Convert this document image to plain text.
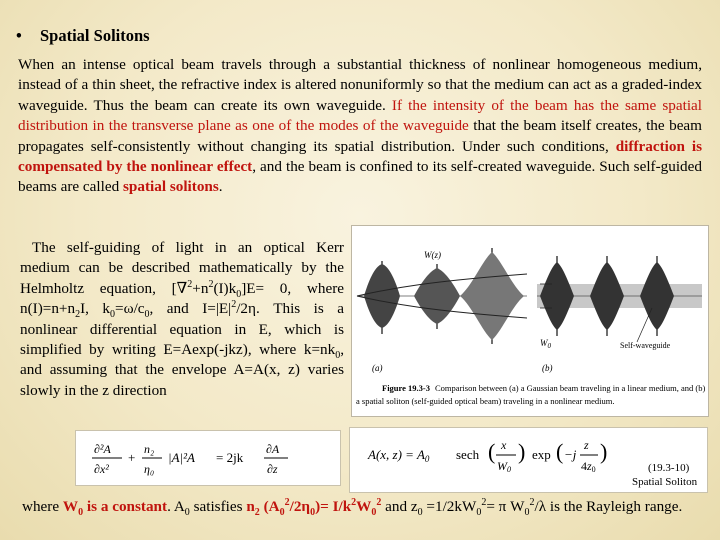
• Spatial Solitons
When an intense optical beam travels through a substantial thickness of nonlinear homogeneous medium, instead of a thin sheet, the refractive index is altered nonuniformly so that the medium can act as a graded-index waveguide. Thus the beam can create its own waveguide. If the intensity of the beam has the same spatial distribution in the transverse plane as one of the modes of the waveguide that the beam itself creates, the beam propagates self-consistently without changing its spatial distribution. Under such conditions, diffraction is compensated by the nonlinear effect, and the beam is confined to its self-created waveguide. Such self-guided beams are called spatial solitons.
The self-guiding of light in an optical Kerr medium can be described mathematically by the Helmholtz equation, $[\nabla^2+n^2(I)k_0]E= 0$, where $n(I)=n+n_2I$, $k_0=\omega/c_0$, and $I=|E|^2/2\eta$. This is a nonlinear differential equation in E, which is simplified by writing E=Aexp(-jkz), where $k=nk_0$, and assuming that the envelope A=A(x, z) varies slowly in the z direction
W(z)
(a)
$W_0$	Self-waveguide
(b)
Figure 19.3-3 Comparison between (a) a Gaussian beam traveling in a linear medium, and (b)
a spatial soliton (self-guided optical beam) traveling in a nonlinear medium.
∂²A
∂x²
+
n₂
η₀
|A|²A = 2jk
∂A
∂z
A(x, $z) = A_0$ sech ( x
W0
) exp ( −j
z
4z0
)
(19.3-10)
Spatial Soliton
where $W_0$ is a constant. $A_0$ satisfies $n_2$ $(A_0^2/2\eta_0)= I/k^2W_0^2$ and $z_0 =1/2kW_0^2= \pi$ $W_0^2/\lambda$ is the Rayleigh range.
